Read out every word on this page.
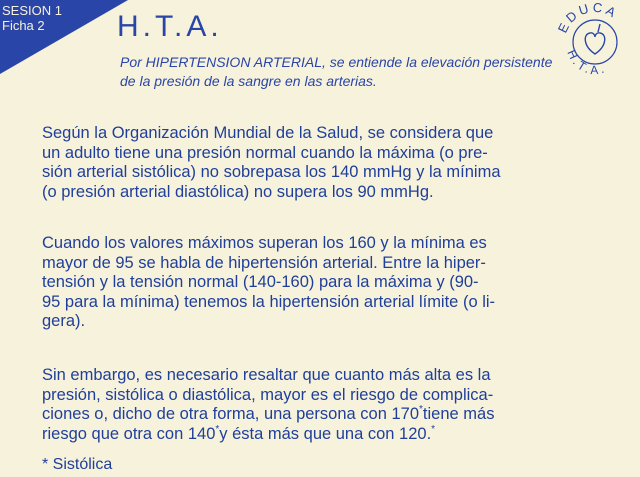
SESION 1
Ficha 2	H.T.A.
Por HIPERTENSION ARTERIAL, se entiende la elevación persistente
de la presión de la sangre en las arterias.
EDUCA
H.T.A.
Según la Organización Mundial de la Salud, se considera que
un adulto tiene una presión normal cuando la máxima (o pre-
sión arterial sistólica) no sobrepasa los 140 mmHg y la mínima
(o presión arterial diastólica) no supera los 90 mmHg.
Cuando los valores máximos superan los 160 y la mínima es
mayor de 95 se habla de hipertensión arterial. Entre la hiper-
tensión y la tensión normal (140-160) para la máxima y (90-
95 para la mínima) tenemos la hipertensión arterial límite (o li-
gera).
Sin embargo, es necesario resaltar que cuanto más alta es la
presión, sistólica o diastólica, mayor es el riesgo de complica-
ciones o, dicho de otra forma, una persona con 170*tiene más
riesgo que otra con 140*y ésta más que una con 120.*
* Sistólica
